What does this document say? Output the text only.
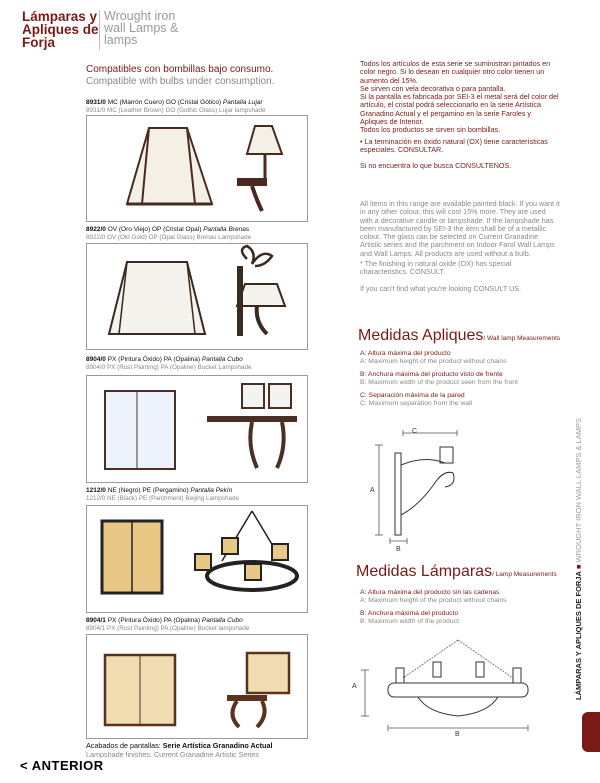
Lámparas y Apliques de Forja
Wrought iron wall Lamps & lamps
Compatibles con bombillas bajo consumo.
Compatible with bulbs under consumption.
8931/0 MC (Marrón Cuero) GO (Cristal Gótico) Pantalla Lujar
8931/0 MC (Leather Brown) GO (Gothic Glass) Lujar lampshade
8922/0 OV (Oro Viejo) OP (Cristal Opal) Pantalla Brenas
8922/0 OV (Old Gold) OP (Opal Glass) Brenas Lampshade
8904/0 PX (Pintura Óxido) PA (Opalina) Pantalla Cubo
8904/0 PX (Rust Painting) PA (Opaline) Bucket Lampshade
1212/0 NE (Negro) PE (Pergamino) Pantalla Pekín
1212/0 NE (Black) PE (Parchment) Beijing Lampshade
8904/1 PX (Pintura Óxido) PA (Opalina) Pantalla Cubo
8904/1 PX (Rust Painting) PA (Opaline) Bucket lampshade
Acabados de pantallas: Serie Artística Granadino Actual
Lampshade finishes: Current Granadine Artistic Series
Todos los artículos de esta serie se suministran pintados en color negro. Si lo desean en cualquier otro color tienen un aumento del 15%.
Se sirven con vela decorativa o para pantalla.
Si la pantalla es fabricada por SEI-3 el metal será del color del artículo, el cristal podrá seleccionarlo en la serie Artística Granadino Actual y el pergamino en la serie Faroles y Apliques de Interior.
Todos los productos se sirven sin bombillas.
• La terminación en óxido natural (OX) tiene características especiales. CONSULTAR.
Si no encuentra lo que busca CONSULTENOS.
All items in this range are available painted black. If you want it in any other colour, this will cost 15% more. They are used with a decorative candle or lampshade. If the lampshade has been manufactured by SEI-3 the item shall be of a metallic colour. The glass can be selected on Current Granadine Artistic series and the parchment on Indoor Farol Wall Lamps and Wall Lamps. All products are used without a bulb.
* The finishing in natural oxide (OX) has special characteristics. CONSULT.
If you can't find what you're looking CONSULT US.
Medidas Apliques/ Wall lamp Measurements
A: Altura máxima del producto
A: Maximum height of the product without chains
B: Anchura máxima del producto visto de frente
B: Maximum width of the product seen from the front
C: Separación máxima de la pared
C: Maximum separation from the wall
C
A
B
Medidas Lámparas/ Lamp Measurements
A: Altura máxima del producto sin las cadenas
A: Maximum height of the product without chains
B: Anchura máxima del producto
B: Maximum width of the product
A
B
LÁMPARAS Y APLIQUES DE FORJA ■ WROUGHT IRON WALL LAMPS & LAMPS
< ANTERIOR
